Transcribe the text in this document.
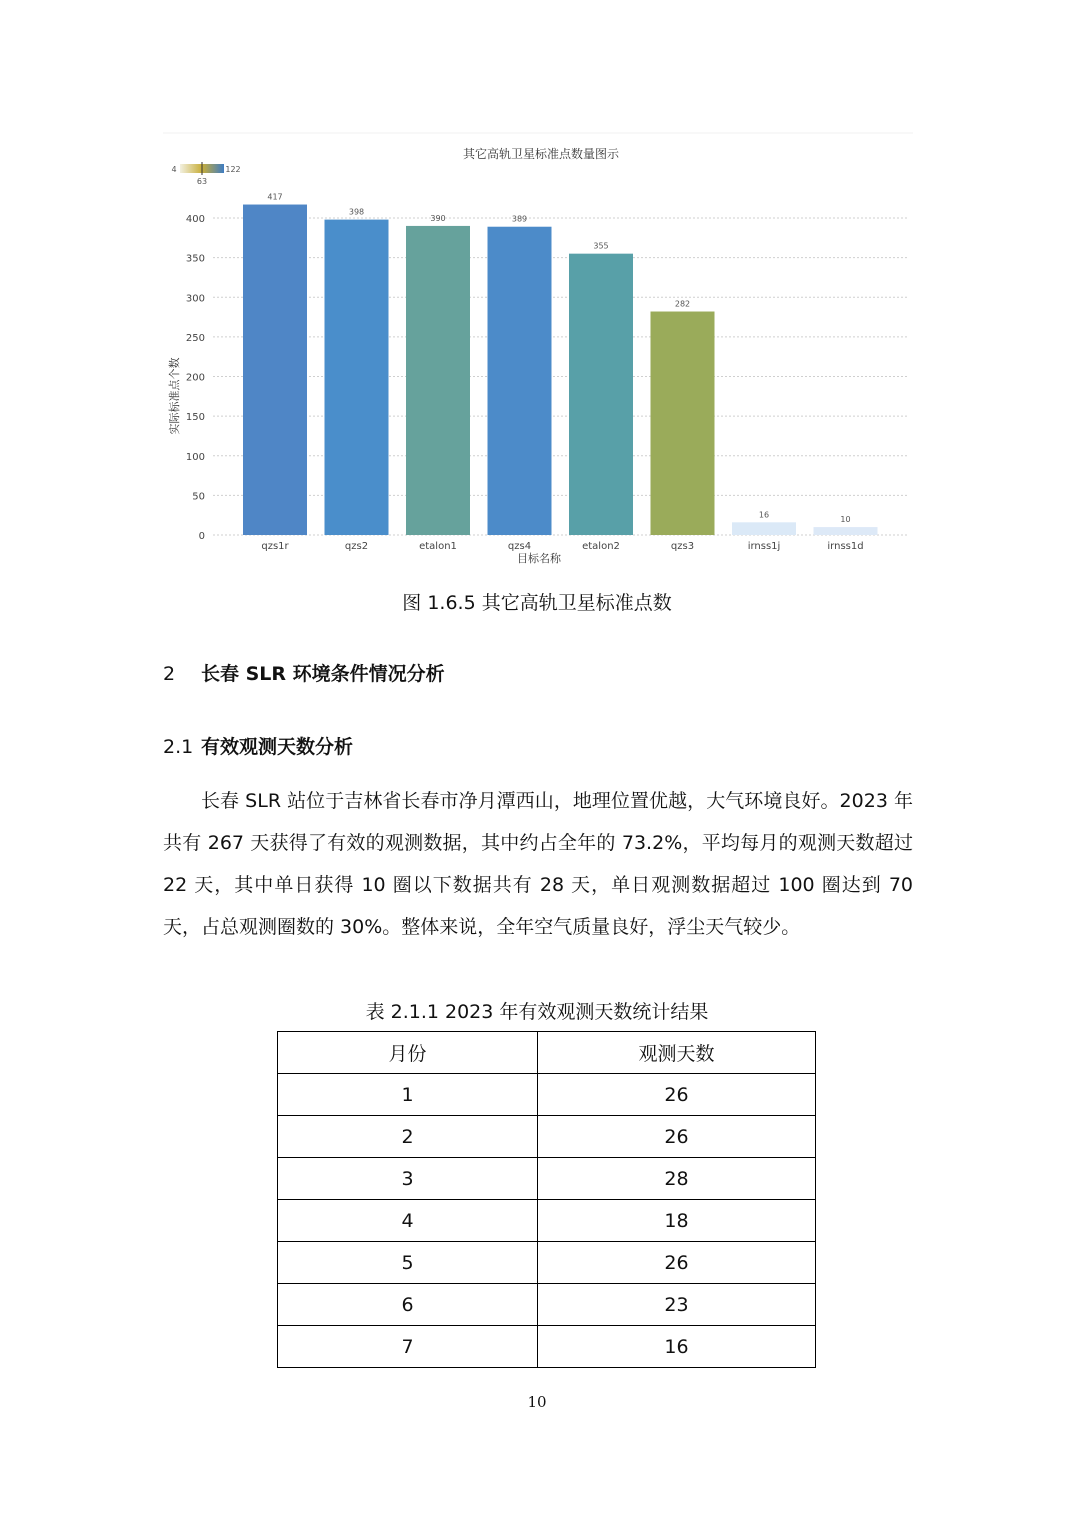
其它高轨卫星标准点数量图示
4
63
122
实际标准点个数
目标名称
0
50
100
150
200
250
300
350
400
417
398
390	389
355
282
16
10
qzs1r	qzs2	etalon1	qzs4	etalon2	qzs3	irnss1j	irnss1d
图 1.6.5 其它高轨卫星标准点数
2 长春 SLR 环境条件情况分析
2.1 有效观测天数分析
长春 SLR 站位于吉林省长春市净月潭西山，地理位置优越，大气环境良好。2023 年共有 267 天获得了有效的观测数据，其中约占全年的 73.2%，平均每月的观测天数超过 22 天，其中单日获得 10 圈以下数据共有 28 天，单日观测数据超过 100 圈达到 70 天，占总观测圈数的 30%。整体来说，全年空气质量良好，浮尘天气较少。
表 2.1.1 2023 年有效观测天数统计结果
月份	观测天数
1	26
2	26
3	28
4	18
5	26
6	23
7	16
10
